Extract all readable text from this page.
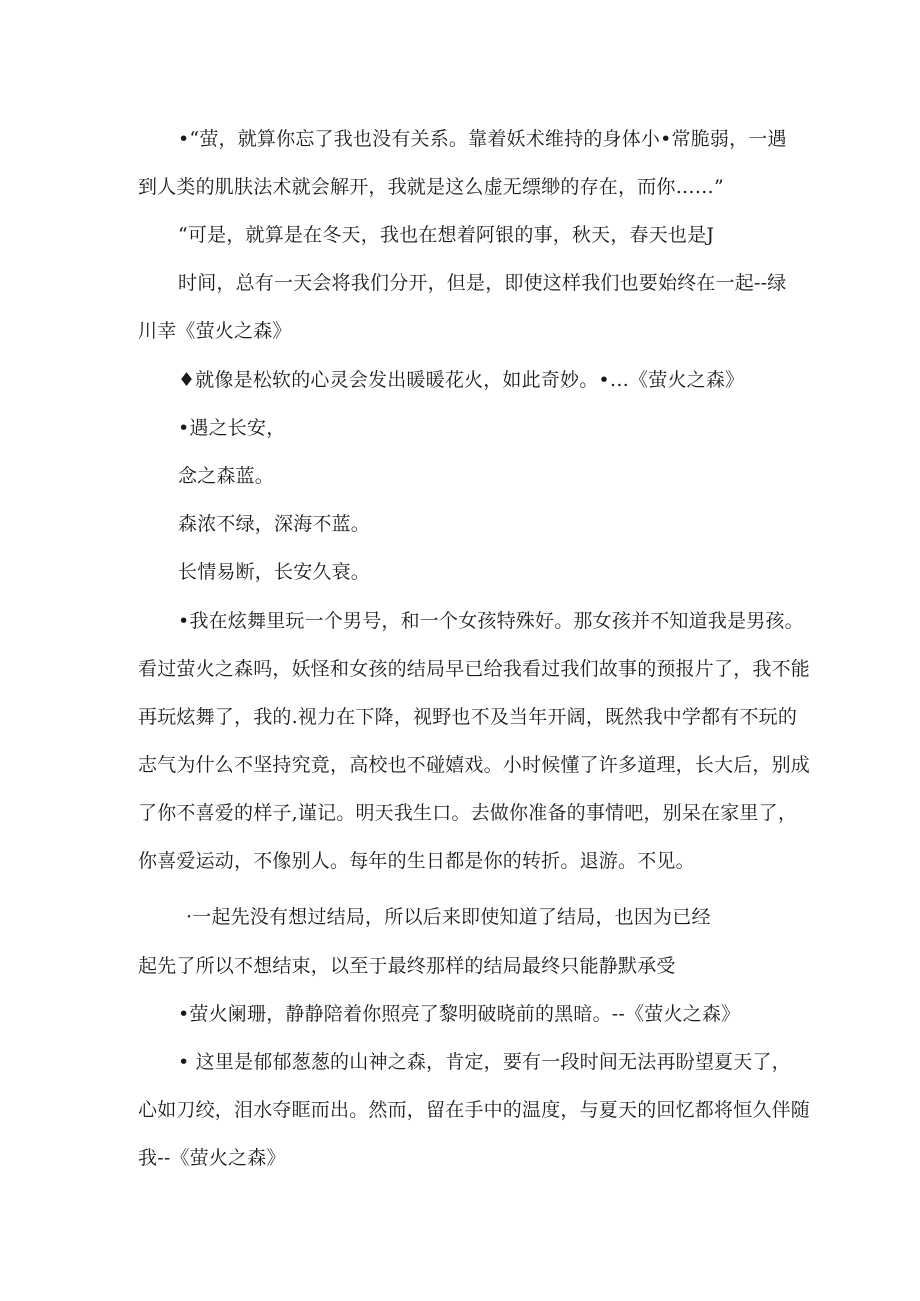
•“萤，就算你忘了我也没有关系。靠着妖术维持的身体小•常脆弱，一遇
到人类的肌肤法术就会解开，我就是这么虚无缥缈的存在，而你……”
“可是，就算是在冬天，我也在想着阿银的事，秋天，春天也是J
时间，总有一天会将我们分开，但是，即使这样我们也要始终在一起--绿
川幸《萤火之森》
♦就像是松软的心灵会发出暖暖花火，如此奇妙。•…《萤火之森》
•遇之长安，
念之森蓝。
森浓不绿，深海不蓝。
长情易断，长安久衰。
•我在炫舞里玩一个男号，和一个女孩特殊好。那女孩并不知道我是男孩。
看过萤火之森吗，妖怪和女孩的结局早已给我看过我们故事的预报片了，我不能
再玩炫舞了，我的.视力在下降，视野也不及当年开阔，既然我中学都有不玩的
志气为什么不坚持究竟，高校也不碰嬉戏。小时候懂了许多道理，长大后，别成
了你不喜爱的样子,谨记。明天我生口。去做你准备的事情吧，别呆在家里了，
你喜爱运动，不像别人。每年的生日都是你的转折。退游。不见。
·一起先没有想过结局，所以后来即使知道了结局，也因为已经
起先了所以不想结束，以至于最终那样的结局最终只能静默承受
•萤火阑珊，静静陪着你照亮了黎明破晓前的黑暗。--《萤火之森》
• 这里是郁郁葱葱的山神之森，肯定，要有一段时间无法再盼望夏天了，
心如刀绞，泪水夺眶而出。然而，留在手中的温度，与夏天的回忆都将恒久伴随
我--《萤火之森》
